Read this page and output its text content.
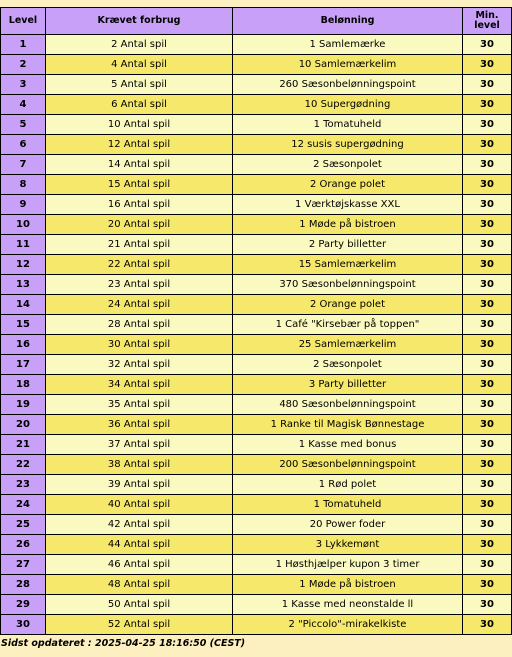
Level	Krævet forbrug	Belønning	Min.
level
1	2 Antal spil	1 Samlemærke	30
2	4 Antal spil	10 Samlemærkelim	30
3	5 Antal spil	260 Sæsonbelønningspoint	30
4	6 Antal spil	10 Supergødning	30
5	10 Antal spil	1 Tomatuheld	30
6	12 Antal spil	12 susis supergødning	30
7	14 Antal spil	2 Sæsonpolet	30
8	15 Antal spil	2 Orange polet	30
9	16 Antal spil	1 Værktøjskasse XXL	30
10	20 Antal spil	1 Møde på bistroen	30
11	21 Antal spil	2 Party billetter	30
12	22 Antal spil	15 Samlemærkelim	30
13	23 Antal spil	370 Sæsonbelønningspoint	30
14	24 Antal spil	2 Orange polet	30
15	28 Antal spil	1 Café "Kirsebær på toppen"	30
16	30 Antal spil	25 Samlemærkelim	30
17	32 Antal spil	2 Sæsonpolet	30
18	34 Antal spil	3 Party billetter	30
19	35 Antal spil	480 Sæsonbelønningspoint	30
20	36 Antal spil	1 Ranke til Magisk Bønnestage	30
21	37 Antal spil	1 Kasse med bonus	30
22	38 Antal spil	200 Sæsonbelønningspoint	30
23	39 Antal spil	1 Rød polet	30
24	40 Antal spil	1 Tomatuheld	30
25	42 Antal spil	20 Power foder	30
26	44 Antal spil	3 Lykkemønt	30
27	46 Antal spil	1 Høsthjælper kupon 3 timer	30
28	48 Antal spil	1 Møde på bistroen	30
29	50 Antal spil	1 Kasse med neonstalde ll	30
30	52 Antal spil	2 "Piccolo"-mirakelkiste	30
Sidst opdateret : 2025-04-25 18:16:50 (CEST)
